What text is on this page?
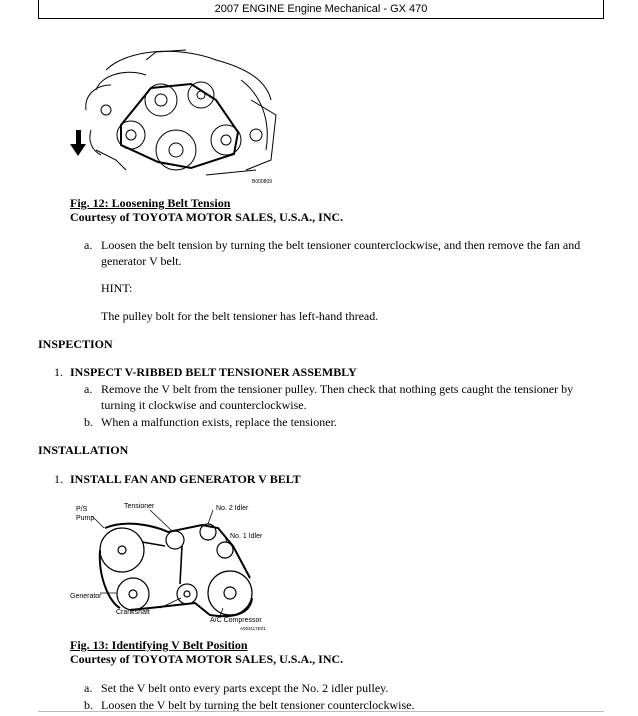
2007 ENGINE Engine Mechanical - GX 470
B000809
Fig. 12: Loosening Belt Tension
Courtesy of TOYOTA MOTOR SALES, U.S.A., INC.
a. Loosen the belt tension by turning the belt tensioner counterclockwise, and then remove the fan and generator V belt.
HINT:
The pulley bolt for the belt tensioner has left-hand thread.
INSPECTION
1. INSPECT V-RIBBED BELT TENSIONER ASSEMBLY
a. Remove the V belt from the tensioner pulley. Then check that nothing gets caught the tensioner by turning it clockwise and counterclockwise.
b. When a malfunction exists, replace the tensioner.
INSTALLATION
1. INSTALL FAN AND GENERATOR V BELT
P/S
Pump
Tensioner	No. 2 Idler
No. 1 Idler
Generator
Crankshaft
A/C Compressor
A053117E01
Fig. 13: Identifying V Belt Position
Courtesy of TOYOTA MOTOR SALES, U.S.A., INC.
a. Set the V belt onto every parts except the No. 2 idler pulley.
b. Loosen the V belt by turning the belt tensioner counterclockwise.
